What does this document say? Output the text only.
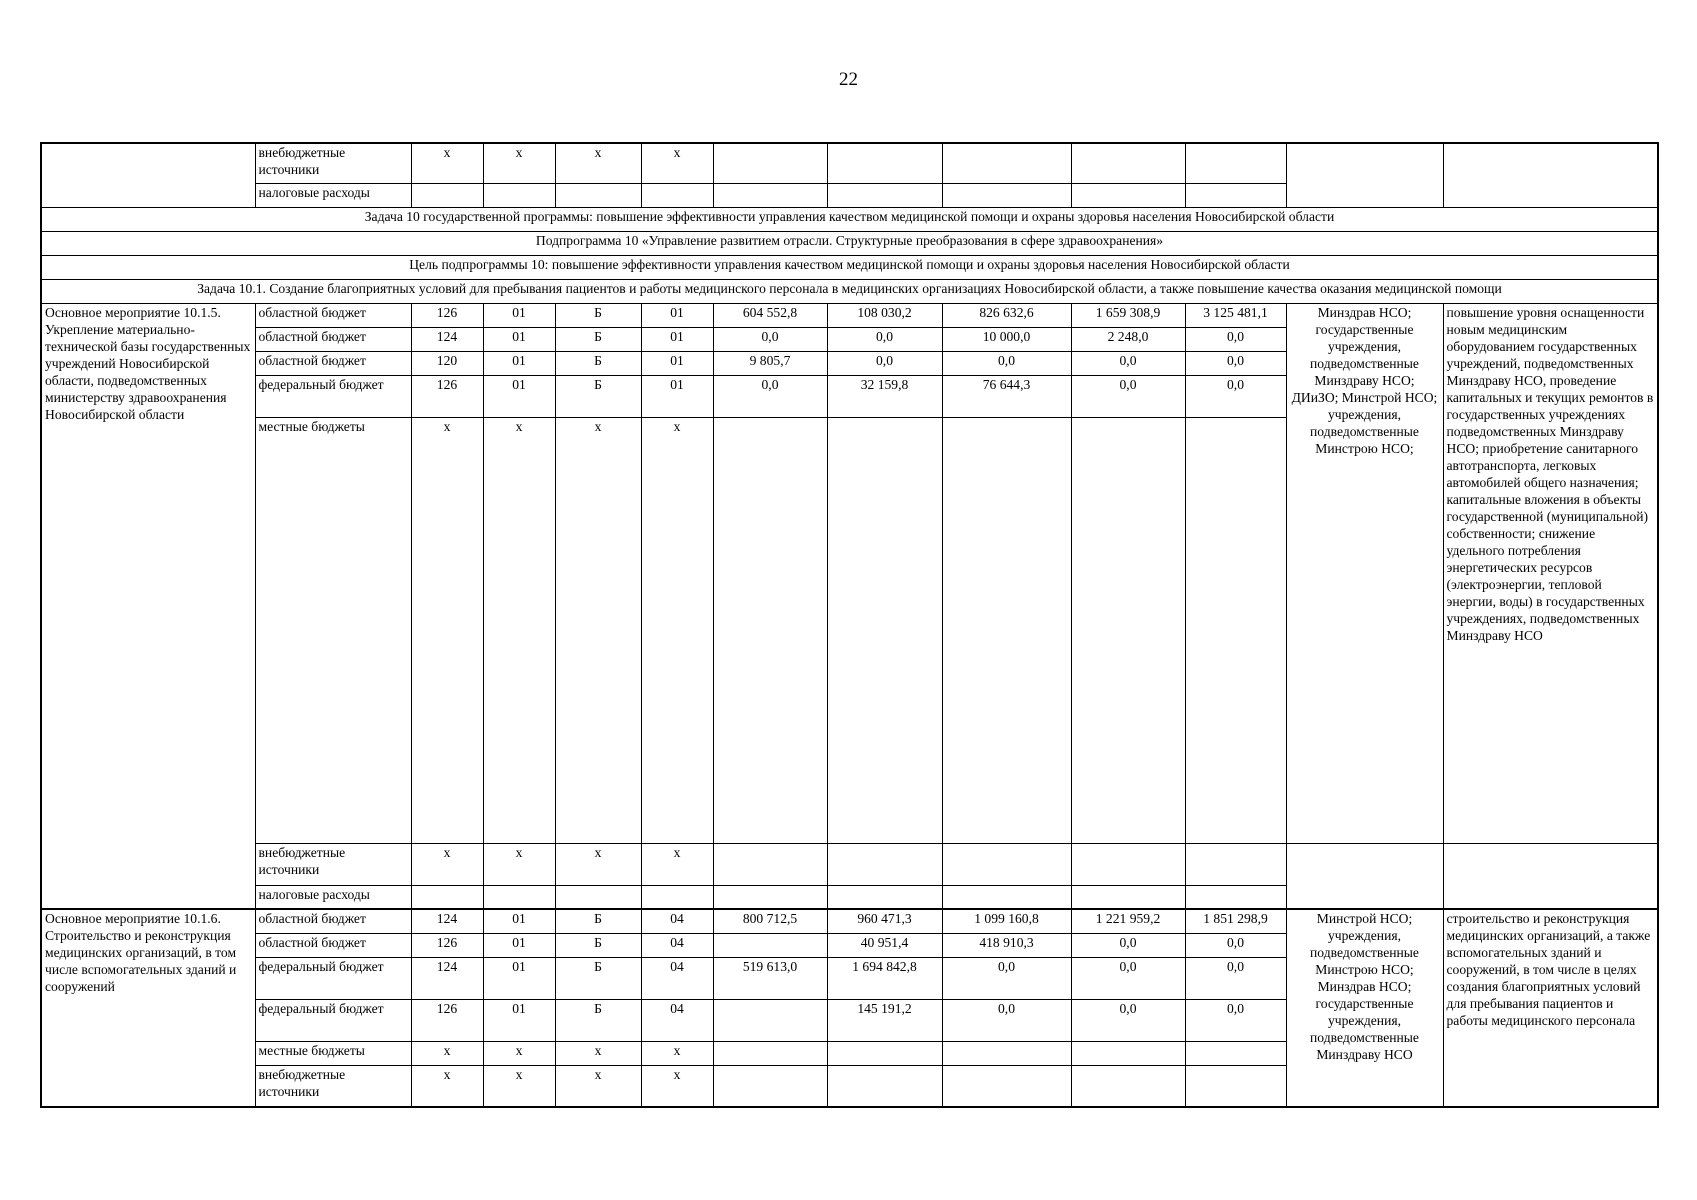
22
	внебюджетные источники	х	х	х	х							
	налоговые расходы											
Задача 10 государственной программы: повышение эффективности управления качеством медицинской помощи и охраны здоровья населения Новосибирской области												
Подпрограмма 10 «Управление развитием отрасли. Структурные преобразования в сфере здравоохранения»												
Цель подпрограммы 10: повышение эффективности управления качеством медицинской помощи и охраны здоровья населения Новосибирской области												
Задача 10.1. Создание благоприятных условий для пребывания пациентов и работы медицинского персонала в медицинских организациях Новосибирской области, а также повышение качества оказания медицинской помощи												
Основное мероприятие 10.1.5. Укрепление материально-технической базы государственных учреждений Новосибирской области, подведомственных министерству здравоохранения Новосибирской области	областной бюджет	126	01	Б	01	604 552,8	108 030,2	826 632,6	1 659 308,9	3 125 481,1	Минздрав НСО; государственные учреждения, подведомственные Минздраву НСО; ДИиЗО; Минстрой НСО; учреждения, подведомственные Минстрою НСО;	повышение уровня оснащенности новым медицинским оборудованием государственных учреждений, подведомственных Минздраву НСО, проведение капитальных и текущих ремонтов в государственных учреждениях подведомственных Минздраву НСО; приобретение санитарного автотранспорта, легковых автомобилей общего назначения; капитальные вложения в объекты государственной (муниципальной) собственности; снижение удельного потребления энергетических ресурсов (электроэнергии, тепловой энергии, воды) в государственных учреждениях, подведомственных Минздраву НСО
	областной бюджет	124	01	Б	01	0,0	0,0	10 000,0	2 248,0	0,0		
	областной бюджет	120	01	Б	01	9 805,7	0,0	0,0	0,0	0,0		
	федеральный бюджет	126	01	Б	01	0,0	32 159,8	76 644,3	0,0	0,0		
	местные бюджеты	х	х	х	х							
	внебюджетные источники	х	х	х	х							
	налоговые расходы											
Основное мероприятие 10.1.6. Строительство и реконструкция медицинских организаций, в том числе вспомогательных зданий и сооружений	областной бюджет	124	01	Б	04	800 712,5	960 471,3	1 099 160,8	1 221 959,2	1 851 298,9	Минстрой НСО; учреждения, подведомственные Минстрою НСО; Минздрав НСО; государственные учреждения, подведомственные Минздраву НСО	строительство и реконструкция медицинских организаций, а также вспомогательных зданий и сооружений, в том числе в целях создания благоприятных условий для пребывания пациентов и работы медицинского персонала
	областной бюджет	126	01	Б	04		40 951,4	418 910,3	0,0	0,0		
	федеральный бюджет	124	01	Б	04	519 613,0	1 694 842,8	0,0	0,0	0,0		
	федеральный бюджет	126	01	Б	04		145 191,2	0,0	0,0	0,0		
	местные бюджеты	х	х	х	х							
	внебюджетные источники	х	х	х	х							
